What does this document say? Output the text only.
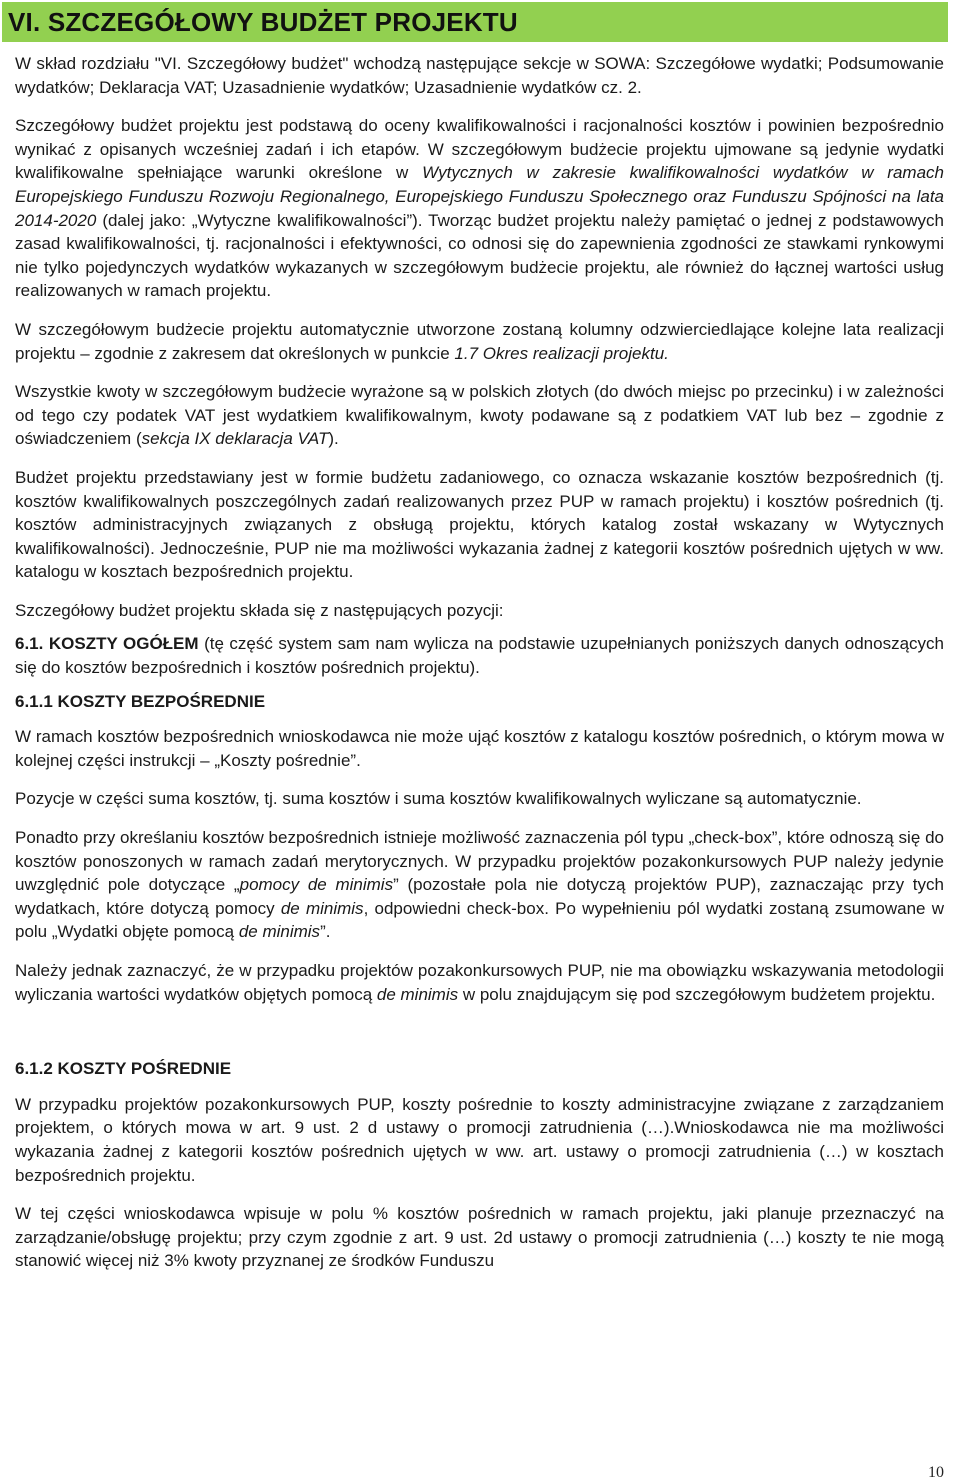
VI. SZCZEGÓŁOWY BUDŻET PROJEKTU

W skład rozdziału "VI. Szczegółowy budżet" wchodzą następujące sekcje w SOWA: Szczegółowe wydatki; Podsumowanie wydatków; Deklaracja VAT; Uzasadnienie wydatków; Uzasadnienie wydatków cz. 2.

Szczegółowy budżet projektu jest podstawą do oceny kwalifikowalności i racjonalności kosztów i powinien bezpośrednio wynikać z opisanych wcześniej zadań i ich etapów. W szczegółowym budżecie projektu ujmowane są jedynie wydatki kwalifikowalne spełniające warunki określone w Wytycznych w zakresie kwalifikowalności wydatków w ramach Europejskiego Funduszu Rozwoju Regionalnego, Europejskiego Funduszu Społecznego oraz Funduszu Spójności na lata 2014-2020 (dalej jako: „Wytyczne kwalifikowalności”). Tworząc budżet projektu należy pamiętać o jednej z podstawowych zasad kwalifikowalności, tj. racjonalności i efektywności, co odnosi się do zapewnienia zgodności ze stawkami rynkowymi nie tylko pojedynczych wydatków wykazanych w szczegółowym budżecie projektu, ale również do łącznej wartości usług realizowanych w ramach projektu.

W szczegółowym budżecie projektu automatycznie utworzone zostaną kolumny odzwierciedlające kolejne lata realizacji projektu – zgodnie z zakresem dat określonych w punkcie 1.7 Okres realizacji projektu.

Wszystkie kwoty w szczegółowym budżecie wyrażone są w polskich złotych (do dwóch miejsc po przecinku) i w zależności od tego czy podatek VAT jest wydatkiem kwalifikowalnym, kwoty podawane są z podatkiem VAT lub bez – zgodnie z oświadczeniem (sekcja IX deklaracja VAT).

Budżet projektu przedstawiany jest w formie budżetu zadaniowego, co oznacza wskazanie kosztów bezpośrednich (tj. kosztów kwalifikowalnych poszczególnych zadań realizowanych przez PUP w ramach projektu) i kosztów pośrednich (tj. kosztów administracyjnych związanych z obsługą projektu, których katalog został wskazany w Wytycznych kwalifikowalności). Jednocześnie, PUP nie ma możliwości wykazania żadnej z kategorii kosztów pośrednich ujętych w ww. katalogu w kosztach bezpośrednich projektu.

Szczegółowy budżet projektu składa się z następujących pozycji:

6.1. KOSZTY OGÓŁEM (tę część system sam nam wylicza na podstawie uzupełnianych poniższych danych odnoszących się do kosztów bezpośrednich i kosztów pośrednich projektu).

6.1.1 KOSZTY BEZPOŚREDNIE

W ramach kosztów bezpośrednich wnioskodawca nie może ująć kosztów z katalogu kosztów pośrednich, o którym mowa w kolejnej części instrukcji – „Koszty pośrednie”.

Pozycje w części suma kosztów, tj. suma kosztów i suma kosztów kwalifikowalnych wyliczane są automatycznie.

Ponadto przy określaniu kosztów bezpośrednich istnieje możliwość zaznaczenia pól typu „check-box”, które odnoszą się do kosztów ponoszonych w ramach zadań merytorycznych. W przypadku projektów pozakonkursowych PUP należy jedynie uwzględnić pole dotyczące „pomocy de minimis” (pozostałe pola nie dotyczą projektów PUP), zaznaczając przy tych wydatkach, które dotyczą pomocy de minimis, odpowiedni check-box. Po wypełnieniu pól wydatki zostaną zsumowane w polu „Wydatki objęte pomocą de minimis”.

Należy jednak zaznaczyć, że w przypadku projektów pozakonkursowych PUP, nie ma obowiązku wskazywania metodologii wyliczania wartości wydatków objętych pomocą de minimis w polu znajdującym się pod szczegółowym budżetem projektu.

6.1.2 KOSZTY POŚREDNIE

W przypadku projektów pozakonkursowych PUP, koszty pośrednie to koszty administracyjne związane z zarządzaniem projektem, o których mowa w art. 9 ust. 2 d ustawy o promocji zatrudnienia (…).Wnioskodawca nie ma możliwości wykazania żadnej z kategorii kosztów pośrednich ujętych w ww. art. ustawy o promocji zatrudnienia (…) w kosztach bezpośrednich projektu.

W tej części wnioskodawca wpisuje w polu % kosztów pośrednich w ramach projektu, jaki planuje przeznaczyć na zarządzanie/obsługę projektu; przy czym zgodnie z art. 9 ust. 2d ustawy o promocji zatrudnienia (…) koszty te nie mogą stanowić więcej niż 3% kwoty przyznanej ze środków Funduszu

10
